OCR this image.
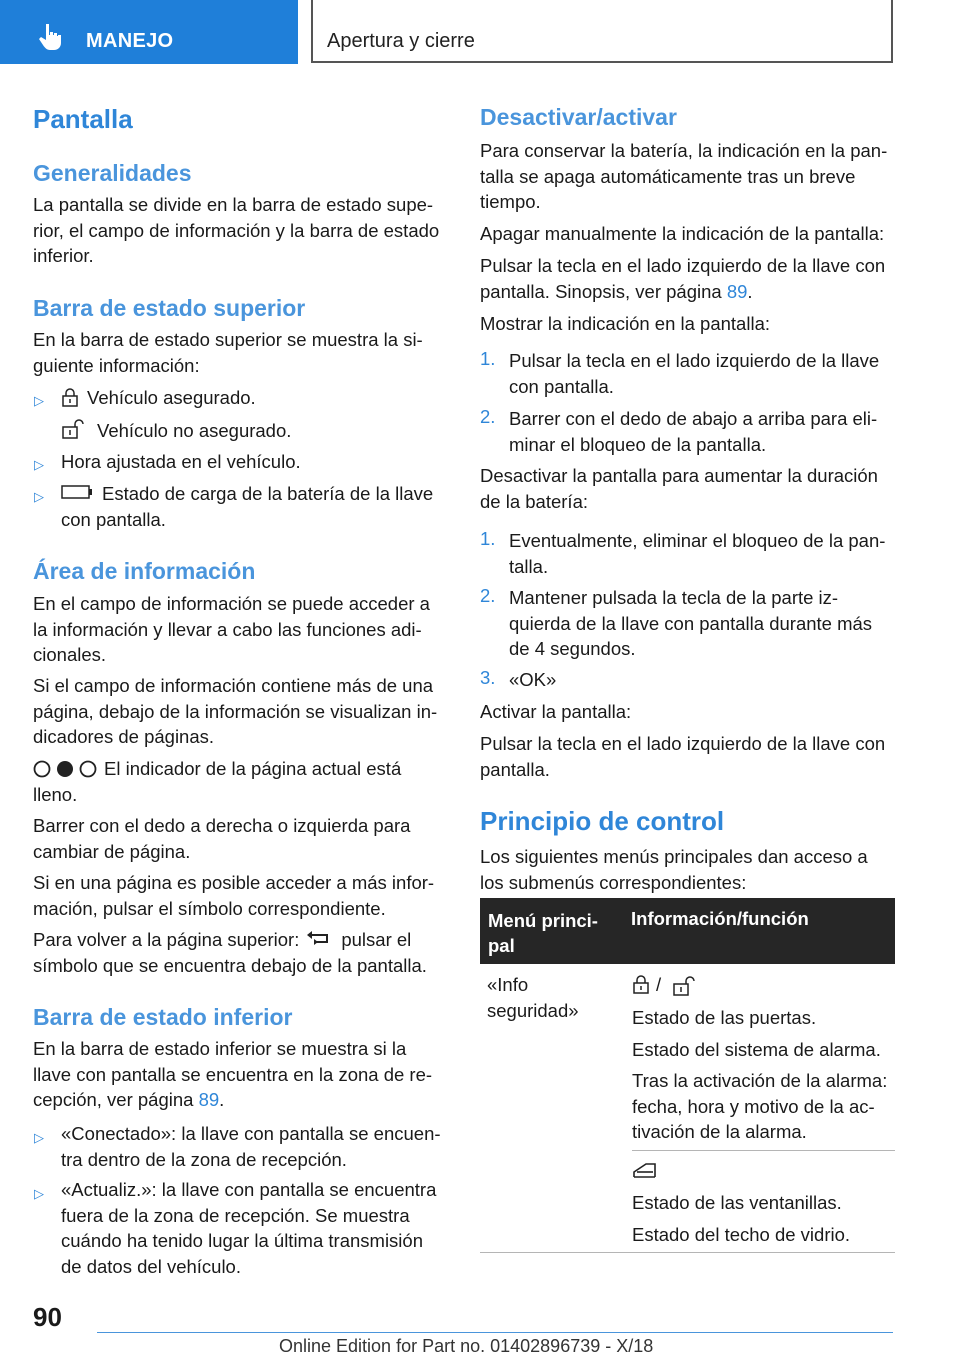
MANEJO	Apertura y cierre
Pantalla
Generalidades
La pantalla se divide en la barra de estado supe-
rior, el campo de información y la barra de estado
inferior.
Barra de estado superior
En la barra de estado superior se muestra la si-
guiente información:
▷ Vehículo asegurado.
Vehículo no asegurado.
▷ Hora ajustada en el vehículo.
▷	Estado de carga de la batería de la llave
con pantalla.
Área de información
En el campo de información se puede acceder a
la información y llevar a cabo las funciones adi-
cionales.
Si el campo de información contiene más de una
página, debajo de la información se visualizan in-
dicadores de páginas.
El indicador de la página actual está
lleno.
Barrer con el dedo a derecha o izquierda para
cambiar de página.
Si en una página es posible acceder a más infor-
mación, pulsar el símbolo correspondiente.
Para volver a la página superior: pulsar el
símbolo que se encuentra debajo de la pantalla.
Barra de estado inferior
En la barra de estado inferior se muestra si la
llave con pantalla se encuentra en la zona de re-
cepción, ver página 89.
▷ «Conectado»: la llave con pantalla se encuen-
tra dentro de la zona de recepción.
▷ «Actualiz.»: la llave con pantalla se encuentra
fuera de la zona de recepción. Se muestra
cuándo ha tenido lugar la última transmisión
de datos del vehículo.
Desactivar/activar
Para conservar la batería, la indicación en la pan-
talla se apaga automáticamente tras un breve
tiempo.
Apagar manualmente la indicación de la pantalla:
Pulsar la tecla en el lado izquierdo de la llave con
pantalla. Sinopsis, ver página 89.
Mostrar la indicación en la pantalla:
1. Pulsar la tecla en el lado izquierdo de la llave
con pantalla.
2. Barrer con el dedo de abajo a arriba para eli-
minar el bloqueo de la pantalla.
Desactivar la pantalla para aumentar la duración
de la batería:
1. Eventualmente, eliminar el bloqueo de la pan-
talla.
2. Mantener pulsada la tecla de la parte iz-
quierda de la llave con pantalla durante más
de 4 segundos.
3. «OK»
Activar la pantalla:
Pulsar la tecla en el lado izquierdo de la llave con
pantalla.
Principio de control
Los siguientes menús principales dan acceso a
los submenús correspondientes:
Menú princi-
pal
Información/función
«Info
seguridad»
/
Estado de las puertas.
Estado del sistema de alarma.
Tras la activación de la alarma:
fecha, hora y motivo de la ac-
tivación de la alarma.
Estado de las ventanillas.
Estado del techo de vidrio.
90
Online Edition for Part no. 01402896739 - X/18
